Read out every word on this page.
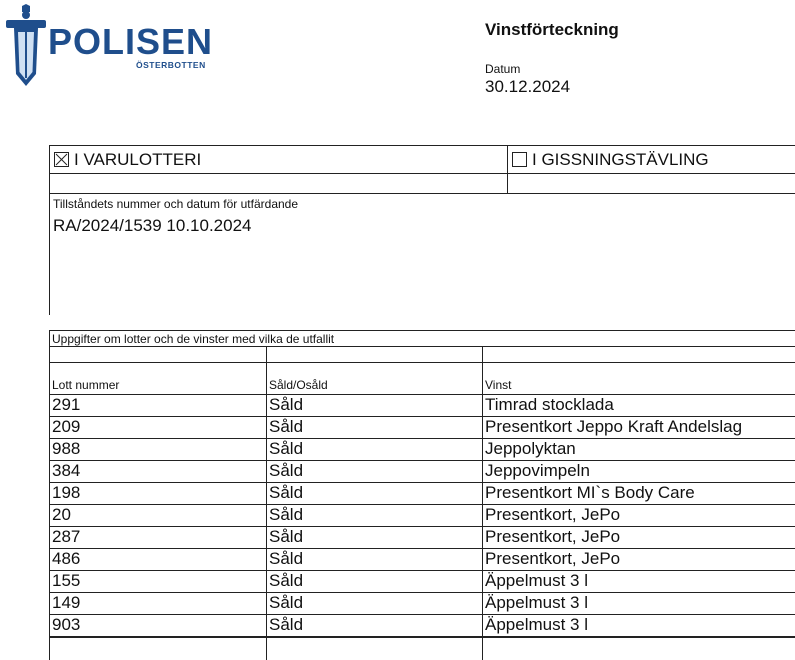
POLISEN
ÖSTERBOTTEN
Vinstförteckning
Datum
30.12.2024
I VARULOTTERI	I GISSNINGSTÄVLING
Tillståndets nummer och datum för utfärdande
RA/2024/1539 10.10.2024
Uppgifter om lotter och de vinster med vilka de utfallit
Lott nummer	Såld/Osåld	Vinst
291	Såld	Timrad stocklada
209	Såld	Presentkort Jeppo Kraft Andelslag
988	Såld	Jeppolyktan
384	Såld	Jeppovimpeln
198	Såld	Presentkort MI`s Body Care
20	Såld	Presentkort, JePo
287	Såld	Presentkort, JePo
486	Såld	Presentkort, JePo
155	Såld	Äppelmust 3 l
149	Såld	Äppelmust 3 l
903	Såld	Äppelmust 3 l
